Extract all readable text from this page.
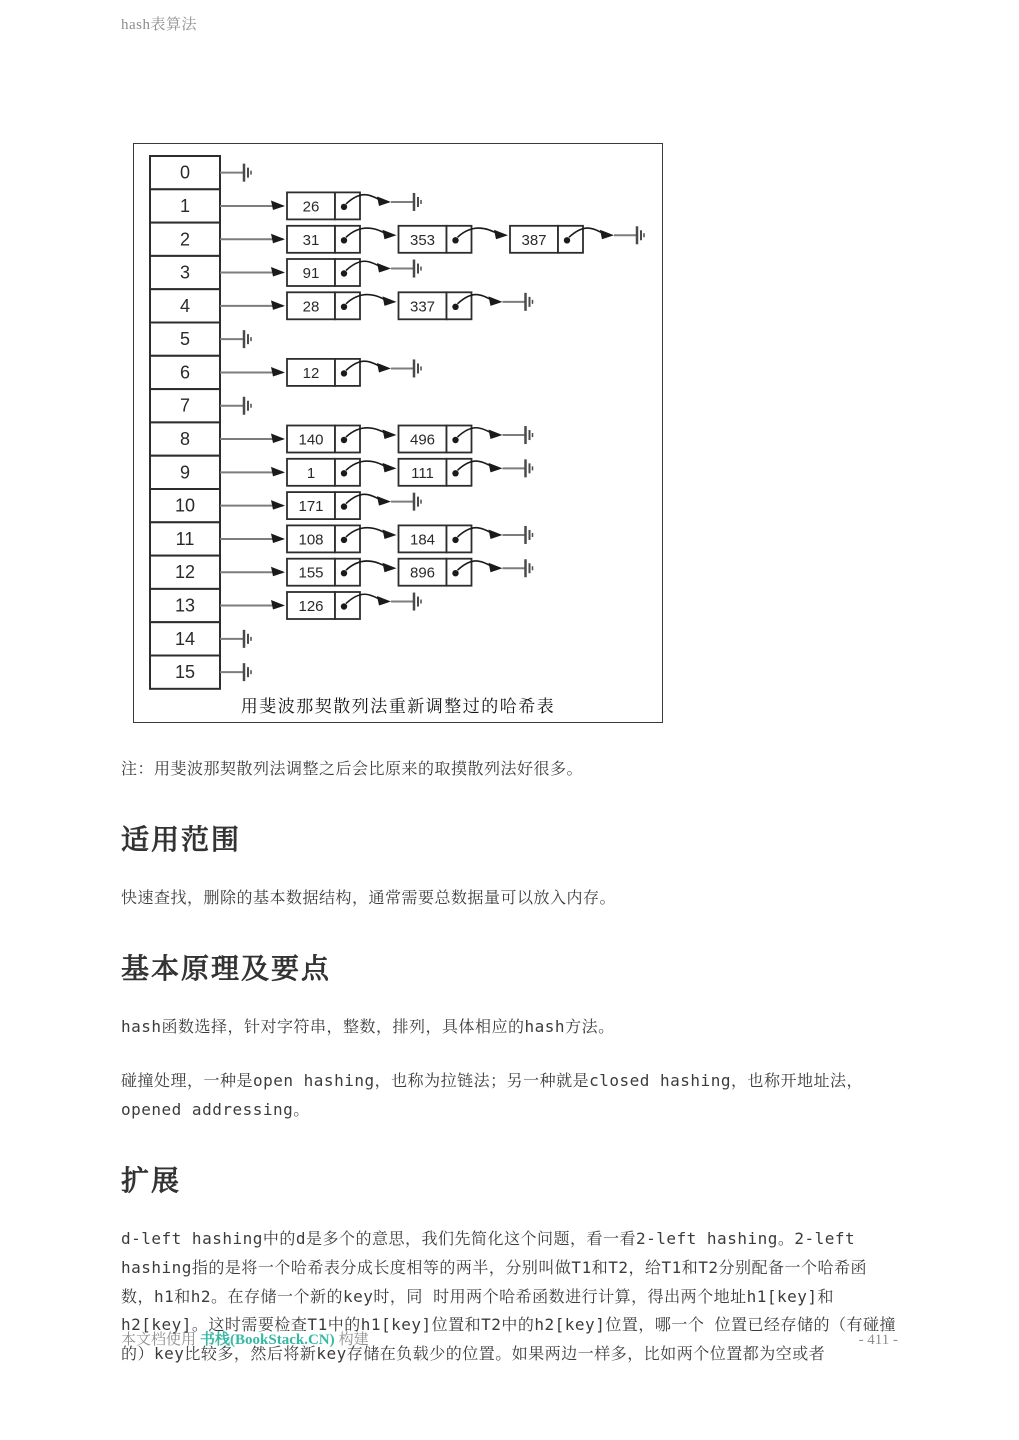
hash表算法
0
1	26
2	31	353	387
3	91
4	28	337
5
6	12
7
8	140	496
9	1	111
10	171
11	108	184
12	155	896
13	126
14
15
用斐波那契散列法重新调整过的哈希表

注：用斐波那契散列法调整之后会比原来的取摸散列法好很多。

适用范围

快速查找，删除的基本数据结构，通常需要总数据量可以放入内存。

基本原理及要点

hash函数选择，针对字符串，整数，排列，具体相应的hash方法。

碰撞处理，一种是open hashing，也称为拉链法；另一种就是closed hashing，也称开地址法，opened addressing。

扩展

d-left hashing中的d是多个的意思，我们先简化这个问题，看一看2-left hashing。2-left hashing指的是将一个哈希表分成长度相等的两半，分别叫做T1和T2，给T1和T2分别配备一个哈希函数，h1和h2。在存储一个新的key时，同 时用两个哈希函数进行计算，得出两个地址h1[key]和h2[key]。这时需要检查T1中的h1[key]位置和T2中的h2[key]位置，哪一个 位置已经存储的（有碰撞的）key比较多，然后将新key存储在负载少的位置。如果两边一样多，比如两个位置都为空或者

本文档使用 书栈(BookStack.CN) 构建	- 411 -
